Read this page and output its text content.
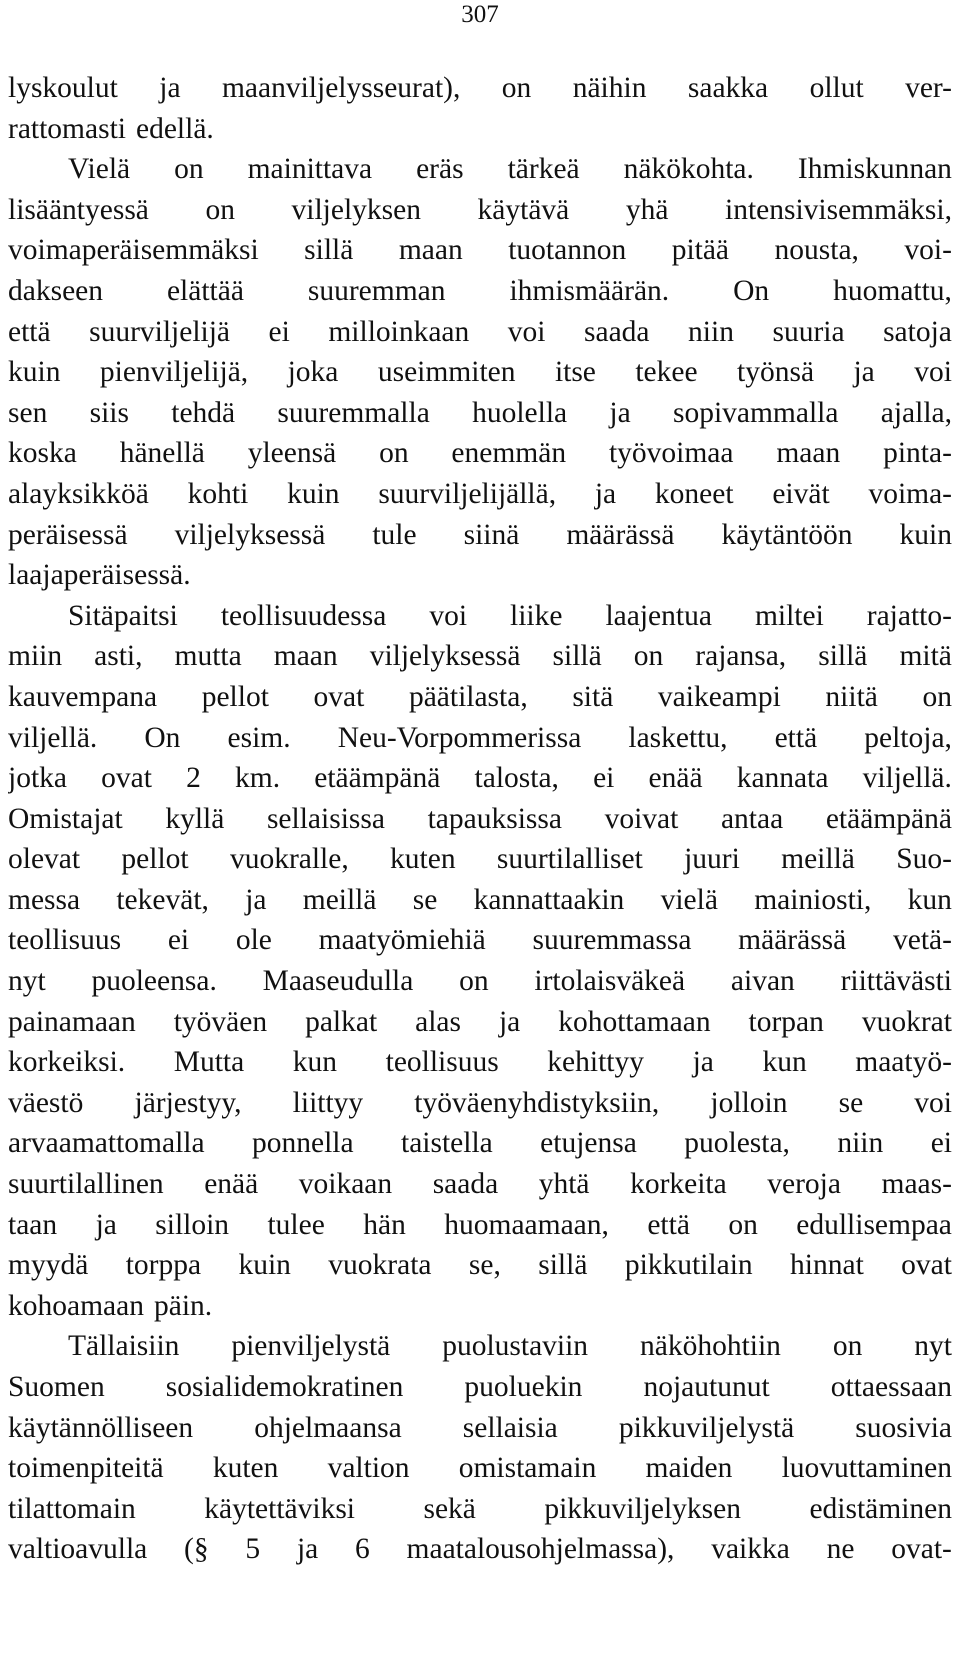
307
lyskoulut ja maanviljelysseurat), on näihin saakka ollut ver-
rattomasti edellä.
Vielä on mainittava eräs tärkeä näkökohta. Ihmiskunnan
lisääntyessä on viljelyksen käytävä yhä intensivisemmäksi,
voimaperäisemmäksi sillä maan tuotannon pitää nousta, voi-
dakseen elättää suuremman ihmismäärän. On huomattu,
että suurviljelijä ei milloinkaan voi saada niin suuria satoja
kuin pienviljelijä, joka useimmiten itse tekee työnsä ja voi
sen siis tehdä suuremmalla huolella ja sopivammalla ajalla,
koska hänellä yleensä on enemmän työvoimaa maan pinta-
alayksikköä kohti kuin suurviljelijällä, ja koneet eivät voima-
peräisessä viljelyksessä tule siinä määrässä käytäntöön kuin
laajaperäisessä.
Sitäpaitsi teollisuudessa voi liike laajentua miltei rajatto-
miin asti, mutta maan viljelyksessä sillä on rajansa, sillä mitä
kauvempana pellot ovat päätilasta, sitä vaikeampi niitä on
viljellä. On esim. Neu-Vorpommerissa laskettu, että peltoja,
jotka ovat 2 km. etäämpänä talosta, ei enää kannata viljellä.
Omistajat kyllä sellaisissa tapauksissa voivat antaa etäämpänä
olevat pellot vuokralle, kuten suurtilalliset juuri meillä Suo-
messa tekevät, ja meillä se kannattaakin vielä mainiosti, kun
teollisuus ei ole maatyömiehiä suuremmassa määrässä vetä-
nyt puoleensa. Maaseudulla on irtolaisväkeä aivan riittävästi
painamaan työväen palkat alas ja kohottamaan torpan vuokrat
korkeiksi. Mutta kun teollisuus kehittyy ja kun maatyö-
väestö järjestyy, liittyy työväenyhdistyksiin, jolloin se voi
arvaamattomalla ponnella taistella etujensa puolesta, niin ei
suurtilallinen enää voikaan saada yhtä korkeita veroja maas-
taan ja silloin tulee hän huomaamaan, että on edullisempaa
myydä torppa kuin vuokrata se, sillä pikkutilain hinnat ovat
kohoamaan päin.
Tällaisiin pienviljelystä puolustaviin näköhohtiin on nyt
Suomen sosialidemokratinen puoluekin nojautunut ottaessaan
käytännölliseen ohjelmaansa sellaisia pikkuviljelystä suosivia
toimenpiteitä kuten valtion omistamain maiden luovuttaminen
tilattomain käytettäviksi sekä pikkuviljelyksen edistäminen
valtioavulla (§ 5 ja 6 maatalousohjelmassa), vaikka ne ovat-
